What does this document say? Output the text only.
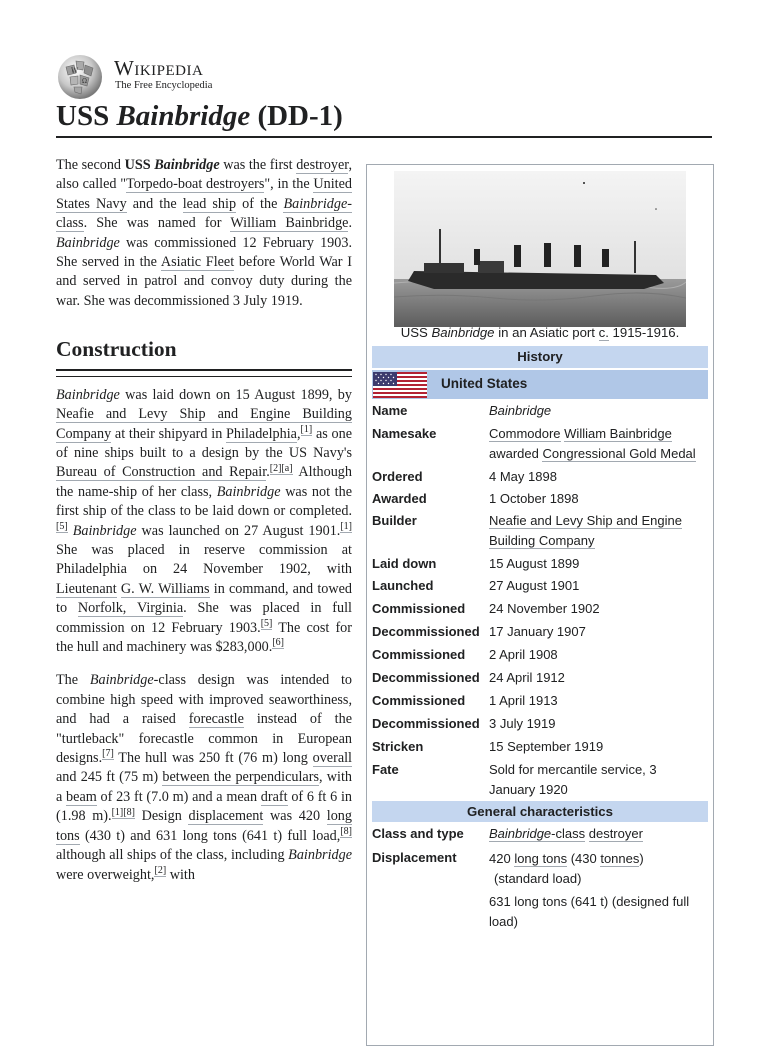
W
Ω
Wikipedia
The Free Encyclopedia
USS Bainbridge (DD-1)

The second USS Bainbridge was the first destroyer, also called "Torpedo-boat destroyers", in the United States Navy and the lead ship of the Bainbridge-class. She was named for William Bainbridge. Bainbridge was commissioned 12 February 1903. She served in the Asiatic Fleet before World War I and served in patrol and convoy duty during the war. She was decommissioned 3 July 1919.

Construction

Bainbridge was laid down on 15 August 1899, by Neafie and Levy Ship and Engine Building Company at their shipyard in Philadelphia,[1] as one of nine ships built to a design by the US Navy's Bureau of Construction and Repair.[2][a] Although the name-ship of her class, Bainbridge was not the first ship of the class to be laid down or completed.[5] Bainbridge was launched on 27 August 1901.[1] She was placed in reserve commission at Philadelphia on 24 November 1902, with Lieutenant G. W. Williams in command, and towed to Norfolk, Virginia. She was placed in full commission on 12 February 1903.[5] The cost for the hull and machinery was $283,000.[6]

The Bainbridge-class design was intended to combine high speed with improved seaworthiness, and had a raised forecastle instead of the "turtleback" forecastle common in European designs.[7] The hull was 250 ft (76 m) long overall and 245 ft (75 m) between the perpendiculars, with a beam of 23 ft (7.0 m) and a mean draft of 6 ft 6 in (1.98 m).[1][8] Design displacement was 420 long tons (430 t) and 631 long tons (641 t) full load,[8] although all ships of the class, including Bainbridge were overweight,[2] with

USS Bainbridge in an Asiatic port c. 1915-1916.
History
United States
Name	Bainbridge
Namesake	Commodore William Bainbridge
awarded Congressional Gold Medal
Ordered	4 May 1898
Awarded	1 October 1898
Builder	Neafie and Levy Ship and Engine Building Company
Laid down	15 August 1899
Launched	27 August 1901
Commissioned 24 November 1902
Decommissioned 17 January 1907
Commissioned 2 April 1908
Decommissioned 24 April 1912
Commissioned 1 April 1913
Decommissioned 3 July 1919
Stricken	15 September 1919
Fate	Sold for mercantile service, 3 January 1920
General characteristics
Class and type Bainbridge-class destroyer
Displacement 420 long tons (430 tonnes)
(standard load)
631 long tons (641 t) (designed full load)
